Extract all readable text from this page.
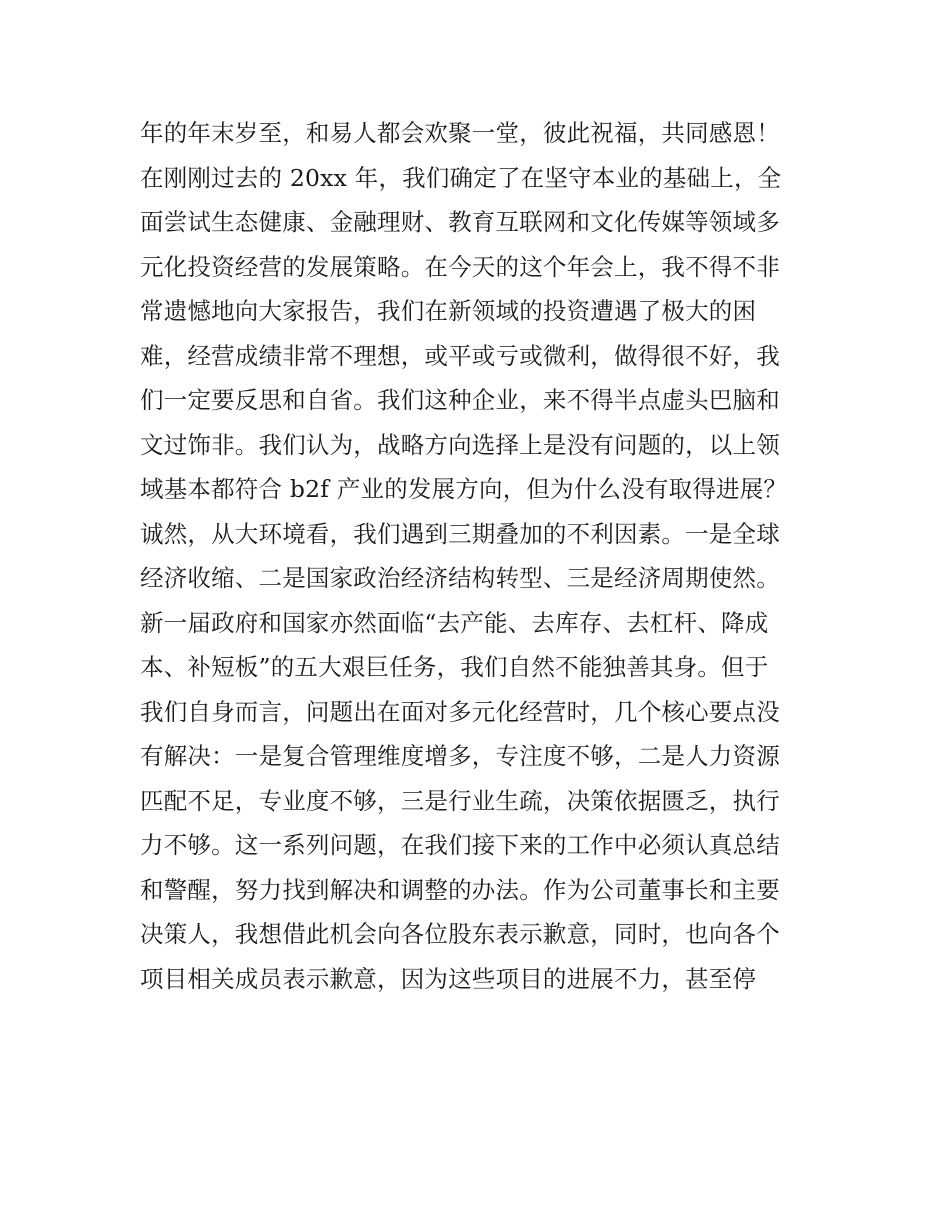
年的年末岁至，和易人都会欢聚一堂，彼此祝福，共同感恩！
在刚刚过去的 20xx 年，我们确定了在坚守本业的基础上，全
面尝试生态健康、金融理财、教育互联网和文化传媒等领域多
元化投资经营的发展策略。在今天的这个年会上，我不得不非
常遗憾地向大家报告，我们在新领域的投资遭遇了极大的困
难，经营成绩非常不理想，或平或亏或微利，做得很不好，我
们一定要反思和自省。我们这种企业，来不得半点虚头巴脑和
文过饰非。我们认为，战略方向选择上是没有问题的，以上领
域基本都符合 b2f 产业的发展方向，但为什么没有取得进展？
诚然，从大环境看，我们遇到三期叠加的不利因素。一是全球
经济收缩、二是国家政治经济结构转型、三是经济周期使然。
新一届政府和国家亦然面临“去产能、去库存、去杠杆、降成
本、补短板”的五大艰巨任务，我们自然不能独善其身。但于
我们自身而言，问题出在面对多元化经营时，几个核心要点没
有解决：一是复合管理维度增多，专注度不够，二是人力资源
匹配不足，专业度不够，三是行业生疏，决策依据匮乏，执行
力不够。这一系列问题，在我们接下来的工作中必须认真总结
和警醒，努力找到解决和调整的办法。作为公司董事长和主要
决策人，我想借此机会向各位股东表示歉意，同时，也向各个
项目相关成员表示歉意，因为这些项目的进展不力，甚至停
